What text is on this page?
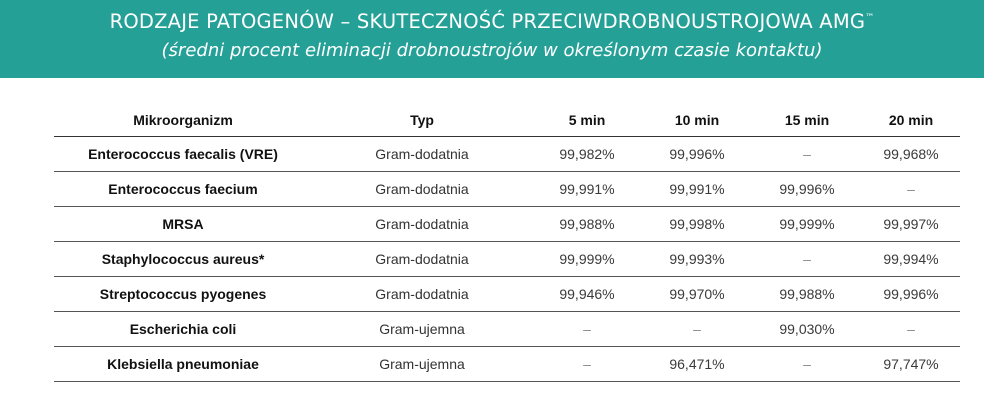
RODZAJE PATOGENÓW – SKUTECZNOŚĆ PRZECIWDROBNOUSTROJOWA AMG™
(średni procent eliminacji drobnoustrojów w określonym czasie kontaktu)
Mikroorganizm	Typ	5 min	10 min	15 min	20 min
Enterococcus faecalis (VRE)	Gram-dodatnia	99,982%	99,996%	–	99,968%
Enterococcus faecium	Gram-dodatnia	99,991%	99,991%	99,996%	–
MRSA	Gram-dodatnia	99,988%	99,998%	99,999%	99,997%
Staphylococcus aureus*	Gram-dodatnia	99,999%	99,993%	–	99,994%
Streptococcus pyogenes	Gram-dodatnia	99,946%	99,970%	99,988%	99,996%
Escherichia coli	Gram-ujemna	–	–	99,030%	–
Klebsiella pneumoniae	Gram-ujemna	–	96,471%	–	97,747%
